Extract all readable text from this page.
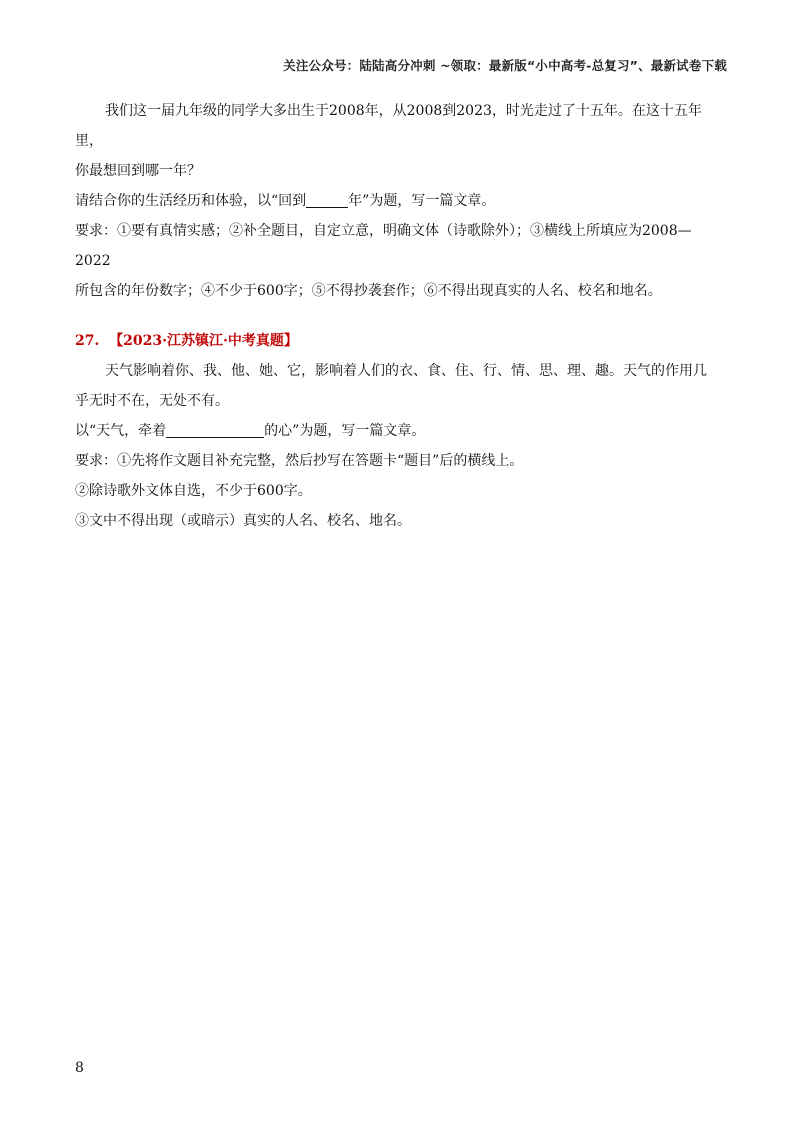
关注公众号：陆陆高分冲刺 ~领取：最新版“小中高考-总复习”、最新试卷下载

我们这一届九年级的同学大多出生于2008年，从2008到2023，时光走过了十五年。在这十五年里，

你最想回到哪一年？

请结合你的生活经历和体验，以“回到	年”为题，写一篇文章。

要求：①要有真情实感；②补全题目，自定立意，明确文体（诗歌除外）；③横线上所填应为2008—2022

所包含的年份数字；④不少于600字；⑤不得抄袭套作；⑥不得出现真实的人名、校名和地名。

27. 【2023·江苏镇江·中考真题】

天气影响着你、我、他、她、它，影响着人们的衣、食、住、行、情、思、理、趣。天气的作用几

乎无时不在，无处不有。

以“天气，牵着	的心”为题，写一篇文章。

要求：①先将作文题目补充完整，然后抄写在答题卡“题目”后的横线上。

②除诗歌外文体自选，不少于600字。

③文中不得出现（或暗示）真实的人名、校名、地名。

8
